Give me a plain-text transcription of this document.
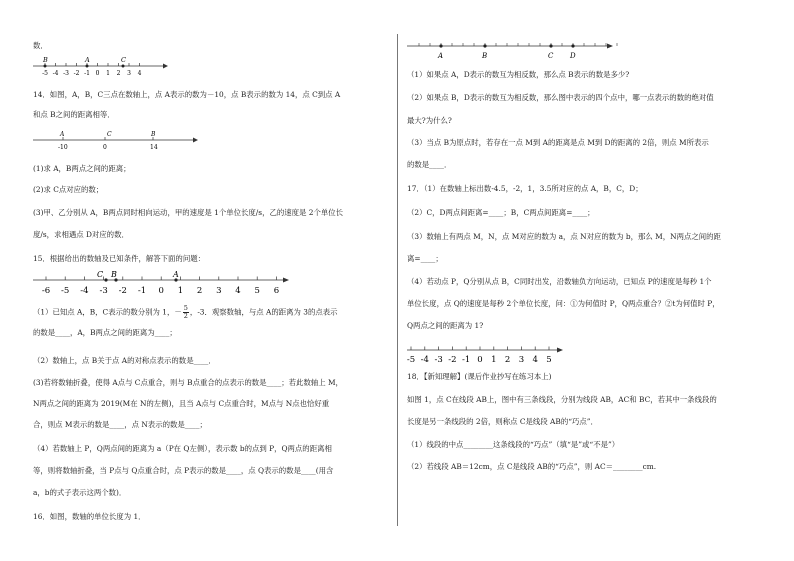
数．
-5 -4 -3 -2 -1 0 1 2 3 4
B	A	C
14．如图，A，B，C三点在数轴上，点 A表示的数为－10，点 B表示的数为 14，点 C到点 A
和点 B之间的距离相等．
A	C	B
-10	0	14
(1)求 A，B两点之间的距离；
(2)求 C点对应的数；
(3)甲、乙分别从 A，B两点同时相向运动，甲的速度是 1个单位长度/s，乙的速度是 2个单位长
度/s，求相遇点 D对应的数．
15．根据给出的数轴及已知条件，解答下面的问题：
-6 -5 -4 -3 -2 -1 0 1 2 3 4 5 6
C B	A
（1）已知点 A，B，C表示的数分别为 1，－ $\frac{5}{2}$ ，-3．观察数轴，与点 A的距离为 3的点表示
的数是____，A，B两点之间的距离为____；
（2）数轴上，点 B关于点 A的对称点表示的数是____．
(3)若将数轴折叠，使得 A点与 C点重合，则与 B点重合的点表示的数是____；若此数轴上 M，
N两点之间的距离为 2019(M在 N的左侧)，且当 A点与 C点重合时，M点与 N点也恰好重
合，则点 M表示的数是____，点 N表示的数是____；
（4）若数轴上 P，Q两点间的距离为 a（P在 Q左侧），表示数 b的点到 P，Q两点的距离相
等，则将数轴折叠，当 P点与 Q点重合时，点 P表示的数是____，点 Q表示的数是____(用含
a，b的式子表示这两个数)．
16．如图，数轴的单位长度为 1．
A	B	C D
（1）如果点 A，D表示的数互为相反数，那么点 B表示的数是多少?
（2）如果点 B，D表示的数互为相反数，那么图中表示的四个点中，哪一点表示的数的绝对值
最大?为什么?
（3）当点 B为原点时，若存在一点 M到 A的距离是点 M到 D的距离的 2倍，则点 M所表示
的数是____．
17．（1）在数轴上标出数-4.5，-2，1，3.5所对应的点 A，B，C，D；
（2）C，D两点间距离=____；B，C两点间距离=____；
（3）数轴上有两点 M，N，点 M对应的数为 a，点 N对应的数为 b，那么 M，N两点之间的距
离=____；
（4）若动点 P，Q分别从点 B，C同时出发，沿数轴负方向运动，已知点 P的速度是每秒 1个
单位长度，点 Q的速度是每秒 2个单位长度，问：①为何值时 P，Q两点重合？②t为何值时 P，
Q两点之间的距离为 1?
-5 -4 -3 -2 -1 0 1 2 3 4 5
18．【新知理解】(课后作业抄写在练习本上)
如图 1，点 C在线段 AB上，图中有三条线段，分别为线段 AB，AC和 BC，若其中一条线段的
长度是另一条线段的 2倍，则称点 C是线段 AB的“巧点”．
（1）线段的中点________这条线段的“巧点”（填“是”或“不是”）
（2）若线段 AB＝12cm，点 C是线段 AB的“巧点”，则 AC＝________cm.
